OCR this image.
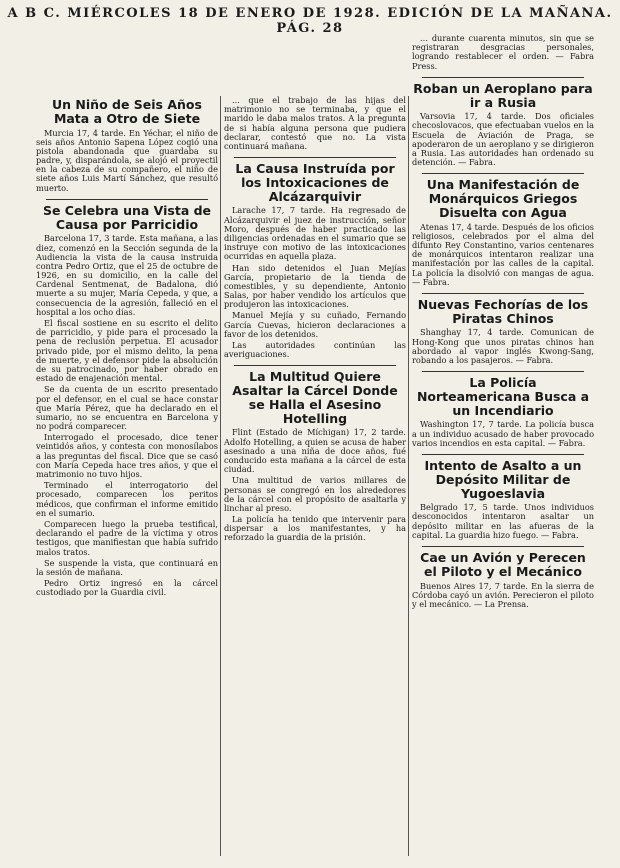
A B C. MIÉRCOLES 18 DE ENERO DE 1928. EDICIÓN DE LA MAÑANA. PÁG. 28
Un Niño de Seis Años Mata a Otro de Siete

Murcia 17, 4 tarde. En Yéchar, el niño de seis años Antonio Sapena López cogió una pistola abandonada que guardaba su padre, y, disparándola, se alojó el proyectil en la cabeza de su compañero, el niño de siete años Luis Martí Sánchez, que resultó muerto.

Se Celebra una Vista de Causa por Parricidio

Barcelona 17, 3 tarde. Esta mañana, a las diez, comenzó en la Sección segunda de la Audiencia la vista de la causa instruida contra Pedro Ortiz, que el 25 de octubre de 1926, en su domicilio, en la calle del Cardenal Sentmenat, de Badalona, dió muerte a su mujer, María Cepeda, y que, a consecuencia de la agresión, falleció en el hospital a los ocho días.

El fiscal sostiene en su escrito el delito de parricidio, y pide para el procesado la pena de reclusión perpetua. El acusador privado pide, por el mismo delito, la pena de muerte, y el defensor pide la absolución de su patrocinado, por haber obrado en estado de enajenación mental.

Se da cuenta de un escrito presentado por el defensor, en el cual se hace constar que María Pérez, que ha declarado en el sumario, no se encuentra en Barcelona y no podrá comparecer.

Interrogado el procesado, dice tener veintidós años, y contesta con monosílabos a las preguntas del fiscal. Dice que se casó con María Cepeda hace tres años, y que el matrimonio no tuvo hijos.

Terminado el interrogatorio del procesado, comparecen los peritos médicos, que confirman el informe emitido en el sumario.

Comparecen luego la prueba testifical, declarando el padre de la víctima y otros testigos, que manifiestan que había sufrido malos tratos.

Se suspende la vista, que continuará en la sesión de mañana.

Pedro Ortiz ingresó en la cárcel custodiado por la Guardia civil.

... que el trabajo de las hijas del matrimonio no se terminaba, y que el marido le daba malos tratos. A la pregunta de si había alguna persona que pudiera declarar, contestó que no. La vista continuará mañana.

La Causa Instruída por los Intoxicaciones de Alcázarquivir

Larache 17, 7 tarde. Ha regresado de Alcázarquivir el juez de instrucción, señor Moro, después de haber practicado las diligencias ordenadas en el sumario que se instruye con motivo de las intoxicaciones ocurridas en aquella plaza.

Han sido detenidos el Juan Mejías García, propietario de la tienda de comestibles, y su dependiente, Antonio Salas, por haber vendido los artículos que produjeron las intoxicaciones.

Manuel Mejía y su cuñado, Fernando García Cuevas, hicieron declaraciones a favor de los detenidos.

Las autoridades continúan las averiguaciones.

La Multitud Quiere Asaltar la Cárcel Donde se Halla el Asesino Hotelling

Flint (Estado de Míchigan) 17, 2 tarde. Adolfo Hotelling, a quien se acusa de haber asesinado a una niña de doce años, fué conducido esta mañana a la cárcel de esta ciudad.

Una multitud de varios millares de personas se congregó en los alrededores de la cárcel con el propósito de asaltarla y linchar al preso.

La policía ha tenido que intervenir para dispersar a los manifestantes, y ha reforzado la guardia de la prisión.

... durante cuarenta minutos, sin que se registraran desgracias personales, logrando restablecer el orden. — Fabra Press.

Roban un Aeroplano para ir a Rusia

Varsovia 17, 4 tarde. Dos oficiales checoslovacos, que efectuaban vuelos en la Escuela de Aviación de Praga, se apoderaron de un aeroplano y se dirigieron a Rusia. Las autoridades han ordenado su detención. — Fabra.

Una Manifestación de Monárquicos Griegos Disuelta con Agua

Atenas 17, 4 tarde. Después de los oficios religiosos, celebrados por el alma del difunto Rey Constantino, varios centenares de monárquicos intentaron realizar una manifestación por las calles de la capital. La policía la disolvió con mangas de agua. — Fabra.

Nuevas Fechorías de los Piratas Chinos

Shanghay 17, 4 tarde. Comunican de Hong-Kong que unos piratas chinos han abordado al vapor inglés Kwong-Sang, robando a los pasajeros. — Fabra.

La Policía Norteamericana Busca a un Incendiario

Washington 17, 7 tarde. La policía busca a un individuo acusado de haber provocado varios incendios en esta capital. — Fabra.

Intento de Asalto a un Depósito Militar de Yugoeslavia

Belgrado 17, 5 tarde. Unos individuos desconocidos intentaron asaltar un depósito militar en las afueras de la capital. La guardia hizo fuego. — Fabra.

Cae un Avión y Perecen el Piloto y el Mecánico

Buenos Aires 17, 7 tarde. En la sierra de Córdoba cayó un avión. Perecieron el piloto y el mecánico. — La Prensa.
